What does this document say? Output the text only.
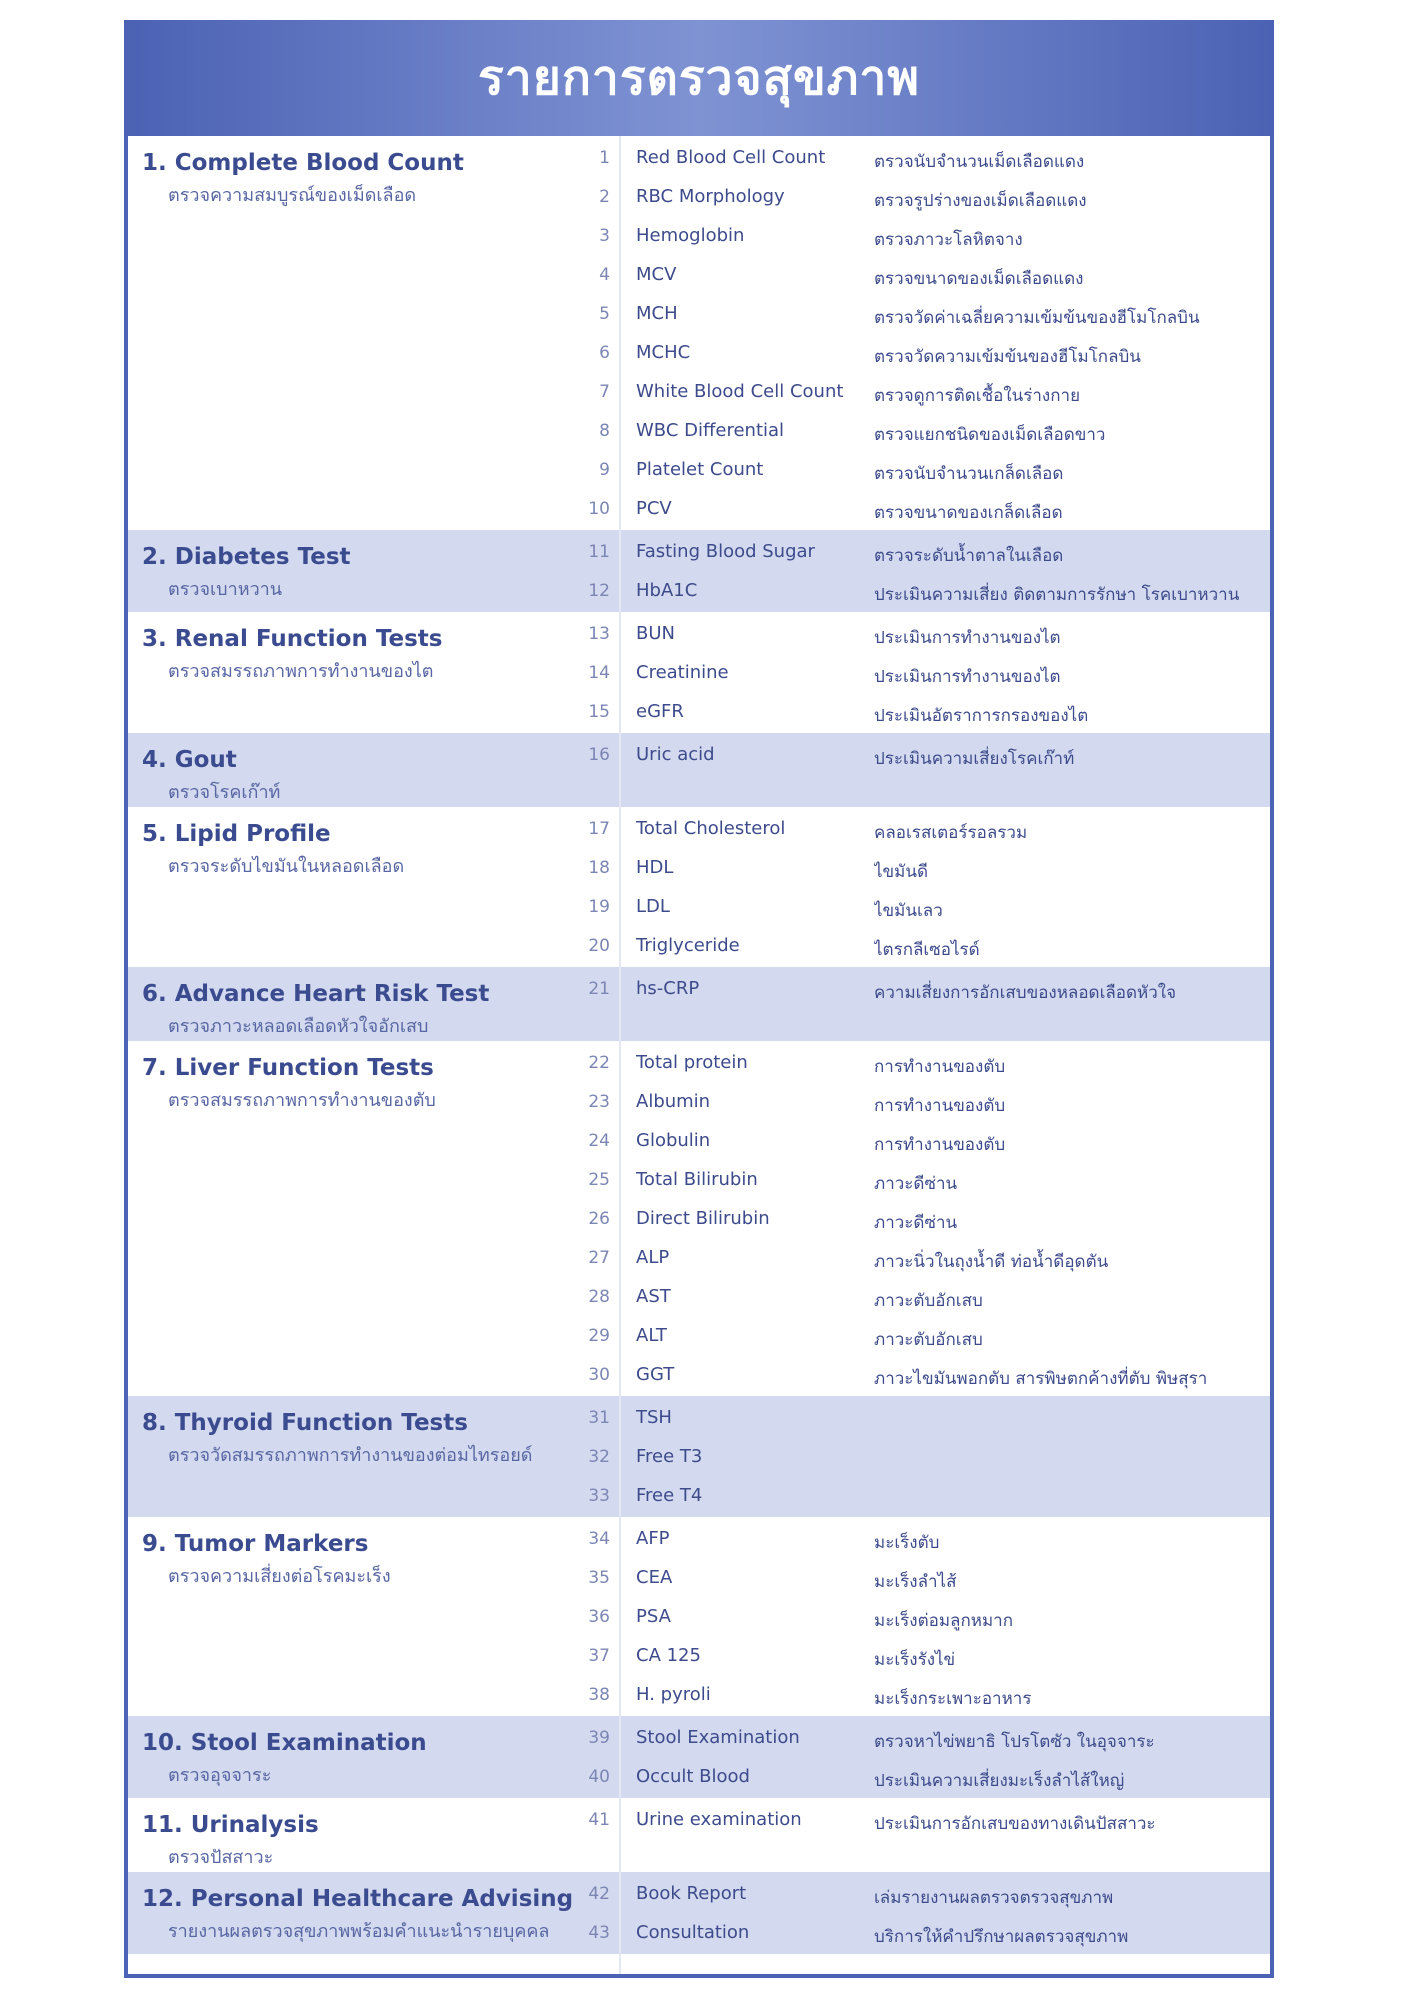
รายการตรวจสุขภาพ
12. Personal Healthcare Advising
รายงานผลตรวจสุขภาพพร้อมคำแนะนำรายบุคคล
42 Book Report	เล่มรายงานผลตรวจตรวจสุขภาพ
43 Consultation	บริการให้คำปรึกษาผลตรวจสุขภาพ
11. Urinalysis
ตรวจปัสสาวะ
41 Urine examination	ประเมินการอักเสบของทางเดินปัสสาวะ
10. Stool Examination
ตรวจอุจจาระ
39 Stool Examination	ตรวจหาไข่พยาธิ โปรโตซัว ในอุจจาระ
40 Occult Blood	ประเมินความเสี่ยงมะเร็งลำไส้ใหญ่
9. Tumor Markers
ตรวจความเสี่ยงต่อโรคมะเร็ง
34 AFP	มะเร็งตับ
35 CEA	มะเร็งลำไส้
36 PSA	มะเร็งต่อมลูกหมาก
37 CA 125	มะเร็งรังไข่
38 H. pyroli	มะเร็งกระเพาะอาหาร
8. Thyroid Function Tests
ตรวจวัดสมรรถภาพการทำงานของต่อมไทรอยด์
31 TSH
32 Free T3
33 Free T4
7. Liver Function Tests
ตรวจสมรรถภาพการทำงานของตับ
22 Total protein	การทำงานของตับ
23 Albumin	การทำงานของตับ
24 Globulin	การทำงานของตับ
25 Total Bilirubin	ภาวะดีซ่าน
26 Direct Bilirubin	ภาวะดีซ่าน
27 ALP	ภาวะนิ่วในถุงน้ำดี ท่อน้ำดีอุดตัน
28 AST	ภาวะตับอักเสบ
29 ALT	ภาวะตับอักเสบ
30 GGT	ภาวะไขมันพอกตับ สารพิษตกค้างที่ตับ พิษสุรา
6. Advance Heart Risk Test
ตรวจภาวะหลอดเลือดหัวใจอักเสบ
21 hs-CRP	ความเสี่ยงการอักเสบของหลอดเลือดหัวใจ
5. Lipid Profile
ตรวจระดับไขมันในหลอดเลือด
17 Total Cholesterol	คลอเรสเตอร์รอลรวม
18 HDL	ไขมันดี
19 LDL	ไขมันเลว
20 Triglyceride	ไตรกลีเซอไรด์
4. Gout
ตรวจโรคเก๊าท์
16 Uric acid	ประเมินความเสี่ยงโรคเก๊าท์
3. Renal Function Tests
ตรวจสมรรถภาพการทำงานของไต
13 BUN	ประเมินการทำงานของไต
14 Creatinine	ประเมินการทำงานของไต
15 eGFR	ประเมินอัตราการกรองของไต
2. Diabetes Test
ตรวจเบาหวาน
11 Fasting Blood Sugar	ตรวจระดับน้ำตาลในเลือด
12 HbA1C	ประเมินความเสี่ยง ติดตามการรักษา โรคเบาหวาน
1. Complete Blood Count
ตรวจความสมบูรณ์ของเม็ดเลือด
1 Red Blood Cell Count	ตรวจนับจำนวนเม็ดเลือดแดง
2 RBC Morphology	ตรวจรูปร่างของเม็ดเลือดแดง
3 Hemoglobin	ตรวจภาวะโลหิตจาง
4 MCV	ตรวจขนาดของเม็ดเลือดแดง
5 MCH	ตรวจวัดค่าเฉลี่ยความเข้มข้นของฮีโมโกลบิน
6 MCHC	ตรวจวัดความเข้มข้นของฮีโมโกลบิน
7 White Blood Cell Count	ตรวจดูการติดเชื้อในร่างกาย
8 WBC Differential	ตรวจแยกชนิดของเม็ดเลือดขาว
9 Platelet Count	ตรวจนับจำนวนเกล็ดเลือด
10 PCV	ตรวจขนาดของเกล็ดเลือด
